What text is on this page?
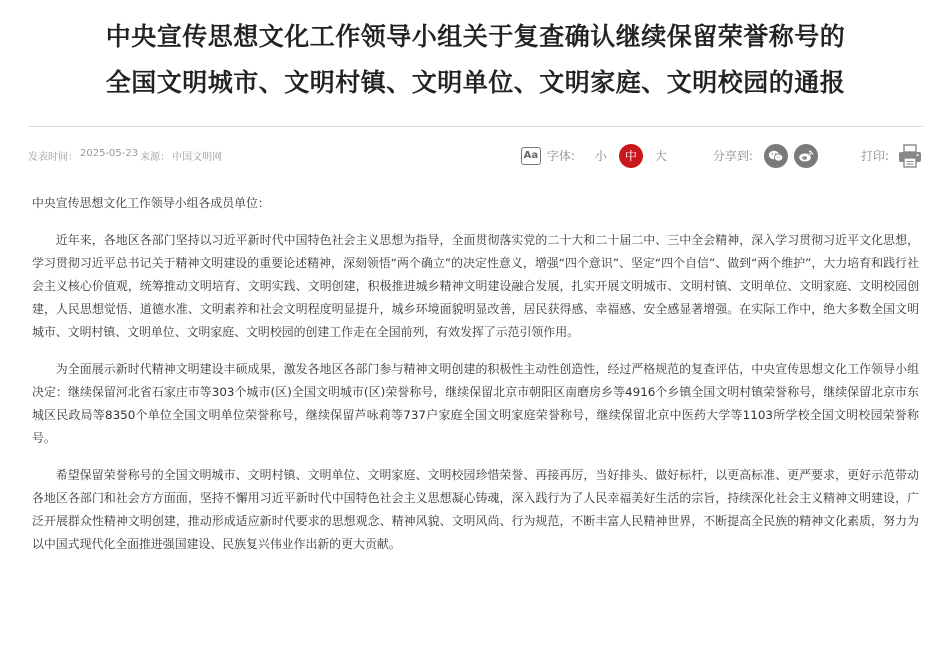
中央宣传思想文化工作领导小组关于复查确认继续保留荣誉称号的
全国文明城市、文明村镇、文明单位、文明家庭、文明校园的通报
发表时间： 2025-05-23 来源： 中国文明网	Aa 字体: 小	中	大	分享到:	打印:

中央宣传思想文化工作领导小组各成员单位：

近年来，各地区各部门坚持以习近平新时代中国特色社会主义思想为指导，全面贯彻落实党的二十大和二十届二中、三中全会精神，深入学习贯彻习近平文化思想，学习贯彻习近平总书记关于精神文明建设的重要论述精神，深刻领悟“两个确立”的决定性意义，增强“四个意识”、坚定“四个自信”、做到“两个维护”，大力培育和践行社会主义核心价值观，统筹推动文明培育、文明实践、文明创建，积极推进城乡精神文明建设融合发展，扎实开展文明城市、文明村镇、文明单位、文明家庭、文明校园创建，人民思想觉悟、道德水准、文明素养和社会文明程度明显提升，城乡环境面貌明显改善，居民获得感、幸福感、安全感显著增强。在实际工作中，绝大多数全国文明城市、文明村镇、文明单位、文明家庭、文明校园的创建工作走在全国前列，有效发挥了示范引领作用。

为全面展示新时代精神文明建设丰硕成果，激发各地区各部门参与精神文明创建的积极性主动性创造性，经过严格规范的复查评估，中央宣传思想文化工作领导小组决定：继续保留河北省石家庄市等303个城市(区)全国文明城市(区)荣誉称号，继续保留北京市朝阳区南磨房乡等4916个乡镇全国文明村镇荣誉称号，继续保留北京市东城区民政局等8350个单位全国文明单位荣誉称号，继续保留芦咏莉等737户家庭全国文明家庭荣誉称号，继续保留北京中医药大学等1103所学校全国文明校园荣誉称号。

希望保留荣誉称号的全国文明城市、文明村镇、文明单位、文明家庭、文明校园珍惜荣誉、再接再厉，当好排头、做好标杆，以更高标准、更严要求，更好示范带动各地区各部门和社会方方面面，坚持不懈用习近平新时代中国特色社会主义思想凝心铸魂，深入践行为了人民幸福美好生活的宗旨，持续深化社会主义精神文明建设，广泛开展群众性精神文明创建，推动形成适应新时代要求的思想观念、精神风貌、文明风尚、行为规范，不断丰富人民精神世界，不断提高全民族的精神文化素质，努力为以中国式现代化全面推进强国建设、民族复兴伟业作出新的更大贡献。
